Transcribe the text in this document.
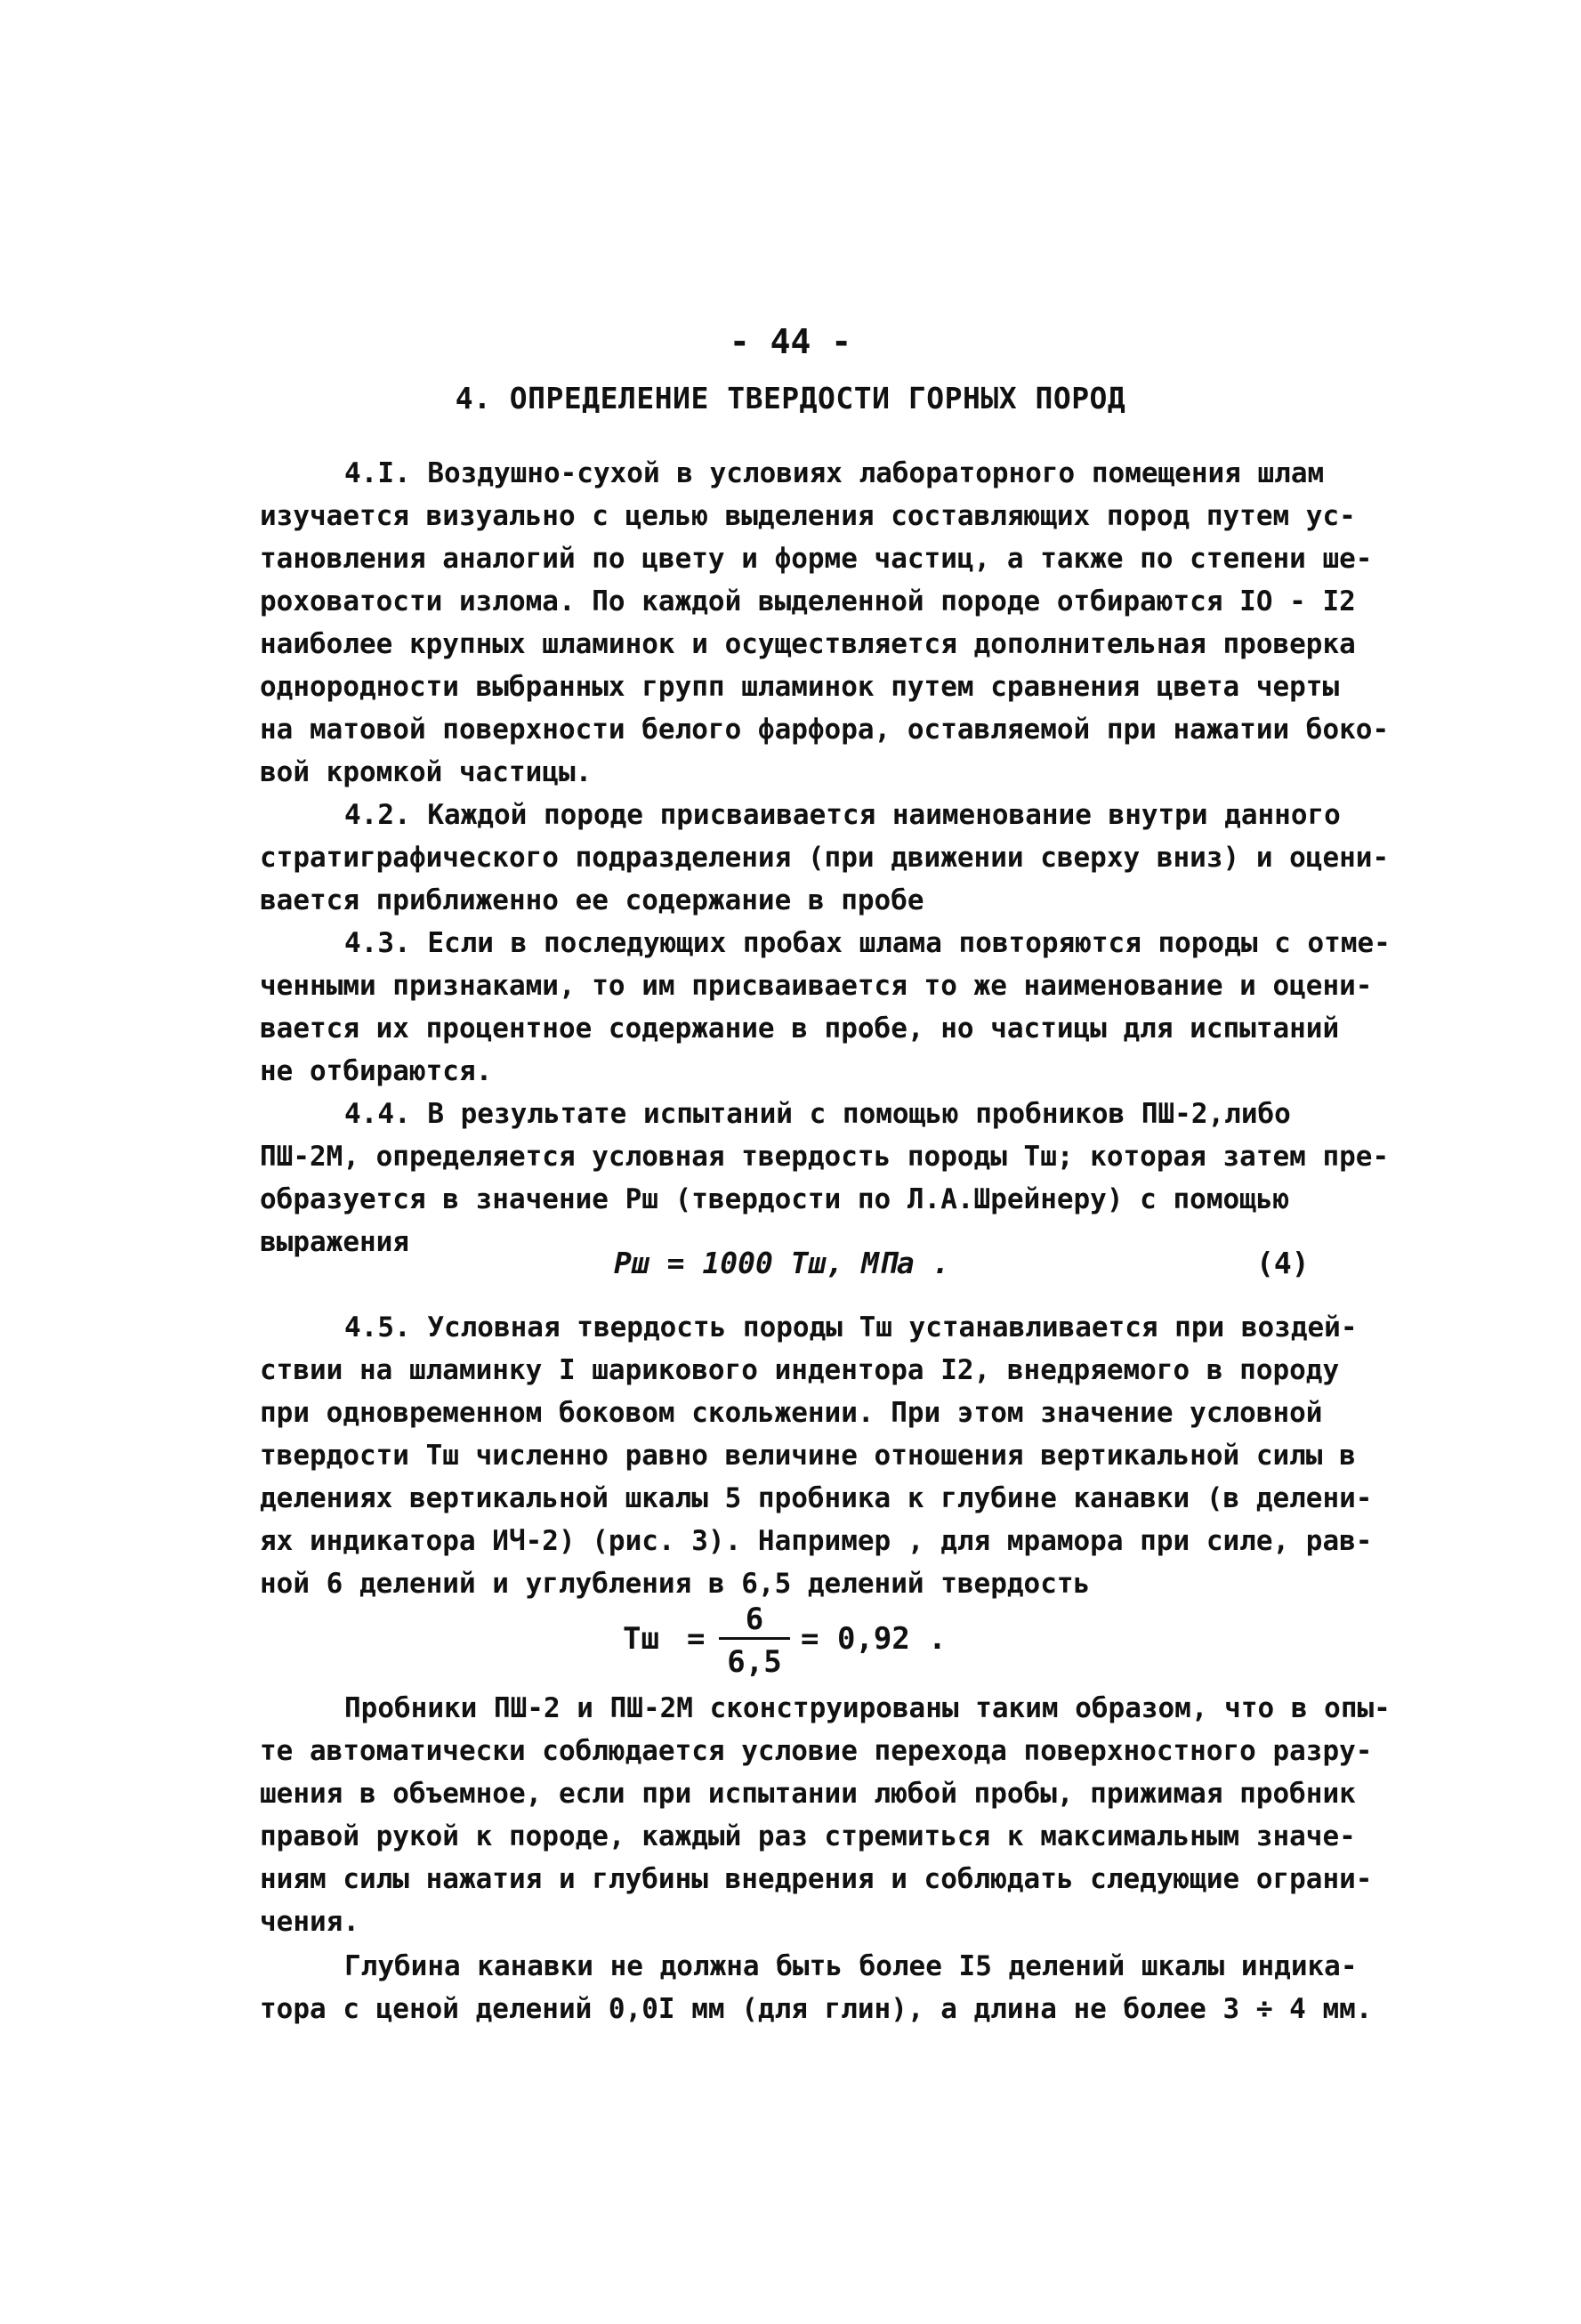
- 44 -
4. ОПРЕДЕЛЕНИЕ ТВЕРДОСТИ ГОРНЫХ ПОРОД
4.I. Воздушно-сухой в условиях лабораторного помещения шлам
изучается визуально с целью выделения составляющих пород путем ус-
тановления аналогий по цвету и форме частиц, а также по степени ше-
роховатости излома. По каждой выделенной породе отбираются IO - I2
наиболее крупных шламинок и осуществляется дополнительная проверка
однородности выбранных групп шламинок путем сравнения цвета черты
на матовой поверхности белого фарфора, оставляемой при нажатии боко-
вой кромкой частицы.
4.2. Каждой породе присваивается наименование внутри данного
стратиграфического подразделения (при движении сверху вниз) и оцени-
вается приближенно ее содержание в пробе
4.3. Если в последующих пробах шлама повторяются породы с отме-
ченными признаками, то им присваивается то же наименование и оцени-
вается их процентное содержание в пробе, но частицы для испытаний
не отбираются.
4.4. В результате испытаний с помощью пробников ПШ-2,либо
ПШ-2М, определяется условная твердость породы Tш; которая затем пре-
образуется в значение Pш (твердости по Л.А.Шрейнеру) с помощью
выражения
Pш = 1000 Tш, МПа .	(4)
4.5. Условная твердость породы Tш устанавливается при воздей-
ствии на шламинку I шарикового индентора I2, внедряемого в породу
при одновременном боковом скольжении. При этом значение условной
твердости Tш численно равно величине отношения вертикальной силы в
делениях вертикальной шкалы 5 пробника к глубине канавки (в делени-
ях индикатора ИЧ-2) (рис. 3). Например , для мрамора при силе, рав-
ной 6 делений и углубления в 6,5 делений твердость
Tш =
6
6,5
= 0,92 .
Пробники ПШ-2 и ПШ-2М сконструированы таким образом, что в опы-
те автоматически соблюдается условие перехода поверхностного разру-
шения в объемное, если при испытании любой пробы, прижимая пробник
правой рукой к породе, каждый раз стремиться к максимальным значе-
ниям силы нажатия и глубины внедрения и соблюдать следующие ограни-
чения.
Глубина канавки не должна быть более I5 делений шкалы индика-
тора с ценой делений 0,0I мм (для глин), а длина не более 3 ÷ 4 мм.
